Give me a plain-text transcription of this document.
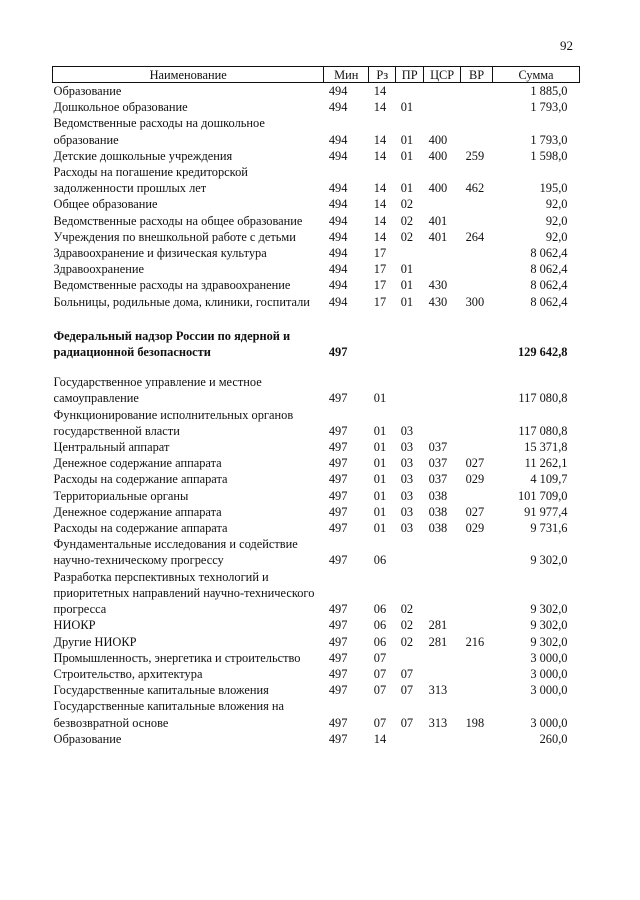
92
Наименование	Мин	Рз	ПР	ЦСР	ВР	Сумма
Образование	494	14				1 885,0
Дошкольное образование	494	14	01			1 793,0
Ведомственные расходы на дошкольное образование	494	14	01	400		1 793,0
Детские дошкольные учреждения	494	14	01	400	259	1 598,0
Расходы на погашение кредиторской задолженности прошлых лет	494	14	01	400	462	195,0
Общее образование	494	14	02			92,0
Ведомственные расходы на общее образование	494	14	02	401		92,0
Учреждения по внешкольной работе с детьми	494	14	02	401	264	92,0
Здравоохранение и физическая культура	494	17				8 062,4
Здравоохранение	494	17	01			8 062,4
Ведомственные расходы на здравоохранение	494	17	01	430		8 062,4
Больницы, родильные дома, клиники, госпитали	494	17	01	430	300	8 062,4

Федеральный надзор России по ядерной и радиационной безопасности	497					129 642,8

Государственное управление и местное самоуправление	497	01				117 080,8
Функционирование исполнительных органов государственной власти	497	01	03			117 080,8
Центральный аппарат	497	01	03	037		15 371,8
Денежное содержание аппарата	497	01	03	037	027	11 262,1
Расходы на содержание аппарата	497	01	03	037	029	4 109,7
Территориальные органы	497	01	03	038		101 709,0
Денежное содержание аппарата	497	01	03	038	027	91 977,4
Расходы на содержание аппарата	497	01	03	038	029	9 731,6
Фундаментальные исследования и содействие научно-техническому прогрессу	497	06				9 302,0
Разработка перспективных технологий и приоритетных направлений научно-технического прогресса	497	06	02			9 302,0
НИОКР	497	06	02	281		9 302,0
Другие НИОКР	497	06	02	281	216	9 302,0
Промышленность, энергетика и строительство	497	07				3 000,0
Строительство, архитектура	497	07	07			3 000,0
Государственные капитальные вложения	497	07	07	313		3 000,0
Государственные капитальные вложения на безвозвратной основе	497	07	07	313	198	3 000,0
Образование	497	14				260,0
